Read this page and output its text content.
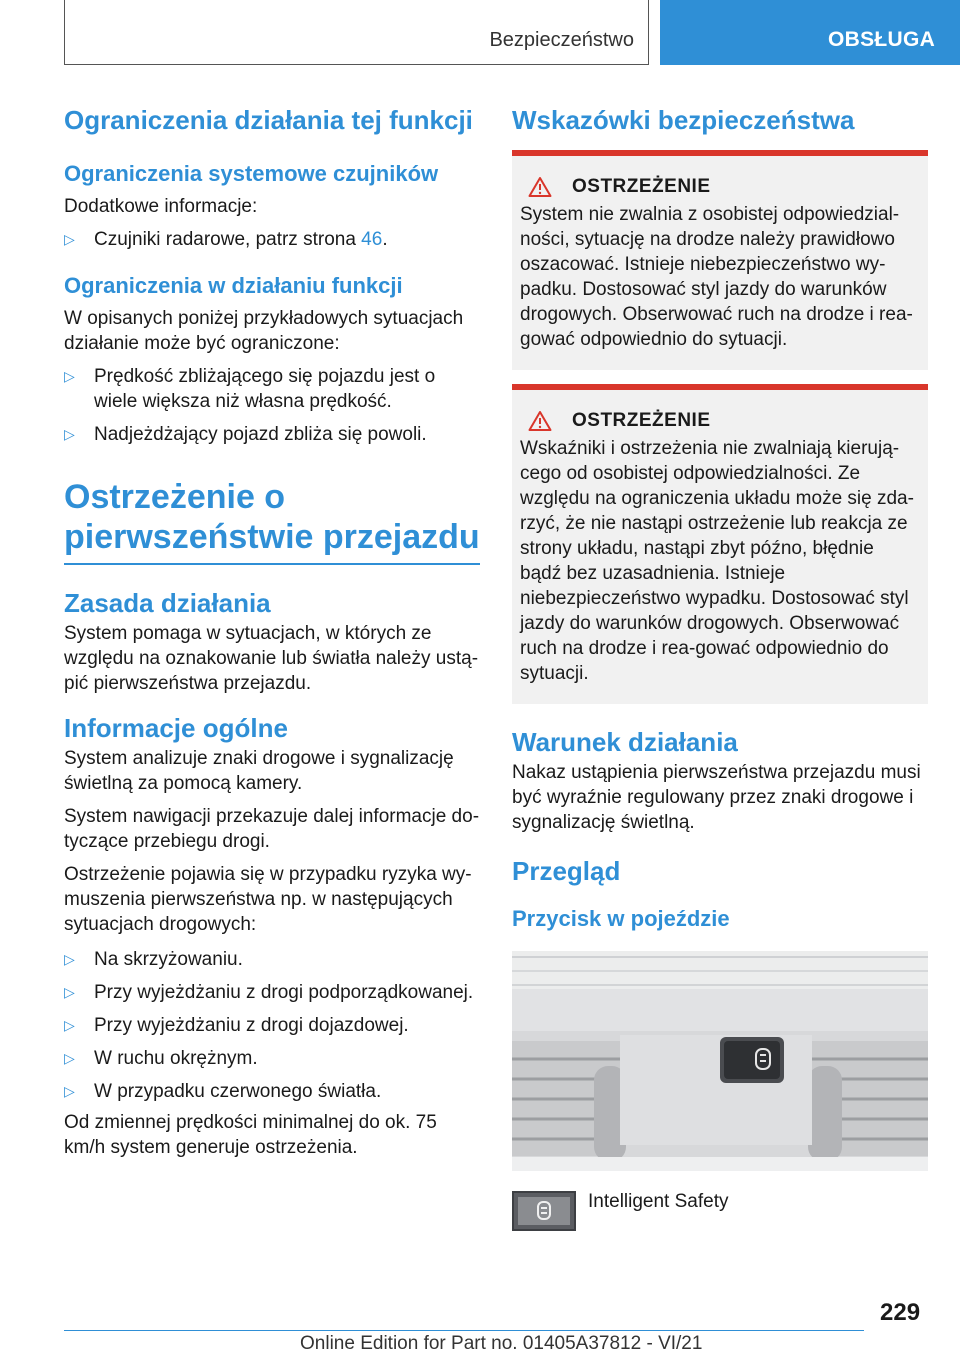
Bezpieczeństwo	OBSŁUGA
Ograniczenia działania tej funkcji
Ograniczenia systemowe czujników
Dodatkowe informacje:
▷ Czujniki radarowe, patrz strona 46.
Ograniczenia w działaniu funkcji
W opisanych poniżej przykładowych sytuacjach działanie może być ograniczone:
▷ Prędkość zbliżającego się pojazdu jest o wiele większa niż własna prędkość.
▷ Nadjeżdżający pojazd zbliża się powoli.
Ostrzeżenie o pierwszeństwie przejazdu
Zasada działania
System pomaga w sytuacjach, w których ze względu na oznakowanie lub światła należy ustą-pić pierwszeństwa przejazdu.
Informacje ogólne
System analizuje znaki drogowe i sygnalizację świetlną za pomocą kamery.
System nawigacji przekazuje dalej informacje do-tyczące przebiegu drogi.
Ostrzeżenie pojawia się w przypadku ryzyka wy-muszenia pierwszeństwa np. w następujących sytuacjach drogowych:
▷ Na skrzyżowaniu.
▷ Przy wyjeżdżaniu z drogi podporządkowanej.
▷ Przy wyjeżdżaniu z drogi dojazdowej.
▷ W ruchu okrężnym.
▷ W przypadku czerwonego światła.
Od zmiennej prędkości minimalnej do ok. 75 km/h system generuje ostrzeżenia.
Wskazówki bezpieczeństwa
OSTRZEŻENIE
System nie zwalnia z osobistej odpowiedzial-ności, sytuację na drodze należy prawidłowo oszacować. Istnieje niebezpieczeństwo wy-padku. Dostosować styl jazdy do warunków drogowych. Obserwować ruch na drodze i rea-gować odpowiednio do sytuacji.
OSTRZEŻENIE
Wskaźniki i ostrzeżenia nie zwalniają kierują-cego od osobistej odpowiedzialności. Ze względu na ograniczenia układu może się zda-rzyć, że nie nastąpi ostrzeżenie lub reakcja ze strony układu, nastąpi zbyt późno, błędnie bądź bez uzasadnienia. Istnieje niebezpieczeństwo wypadku. Dostosować styl jazdy do warunków drogowych. Obserwować ruch na drodze i rea-gować odpowiednio do sytuacji.
Warunek działania
Nakaz ustąpienia pierwszeństwa przejazdu musi być wyraźnie regulowany przez znaki drogowe i sygnalizację świetlną.
Przegląd
Przycisk w pojeździe
Intelligent Safety
229
Online Edition for Part no. 01405A37812 - VI/21
